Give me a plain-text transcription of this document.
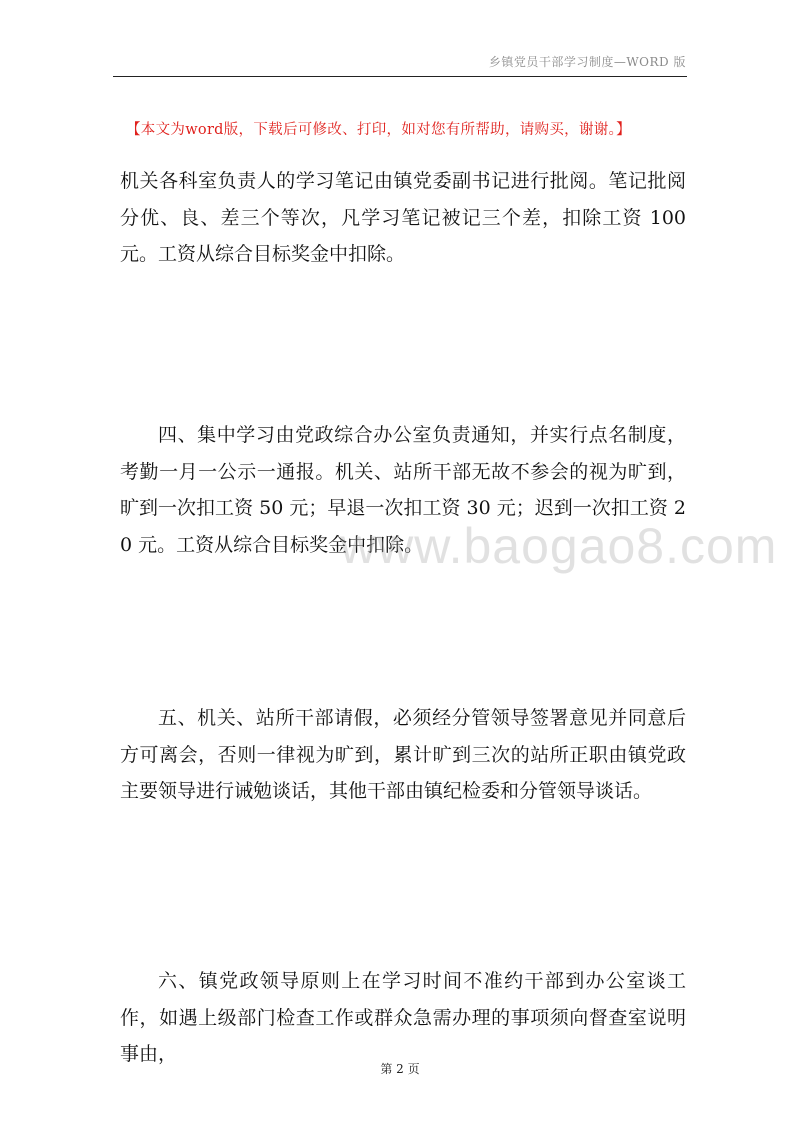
乡镇党员干部学习制度—WORD 版
【本文为word版，下载后可修改、打印，如对您有所帮助，请购买，谢谢。】

机关各科室负责人的学习笔记由镇党委副书记进行批阅。笔记批阅分优、良、差三个等次，凡学习笔记被记三个差，扣除工资 100 元。工资从综合目标奖金中扣除。

四、集中学习由党政综合办公室负责通知，并实行点名制度，考勤一月一公示一通报。机关、站所干部无故不参会的视为旷到，旷到一次扣工资 50 元；早退一次扣工资 30 元；迟到一次扣工资 20 元。工资从综合目标奖金中扣除。

五、机关、站所干部请假，必须经分管领导签署意见并同意后方可离会，否则一律视为旷到，累计旷到三次的站所正职由镇党政主要领导进行诫勉谈话，其他干部由镇纪检委和分管领导谈话。

六、镇党政领导原则上在学习时间不准约干部到办公室谈工作，如遇上级部门检查工作或群众急需办理的事项须向督查室说明事由，

www.baogao8.com
第 2 页
